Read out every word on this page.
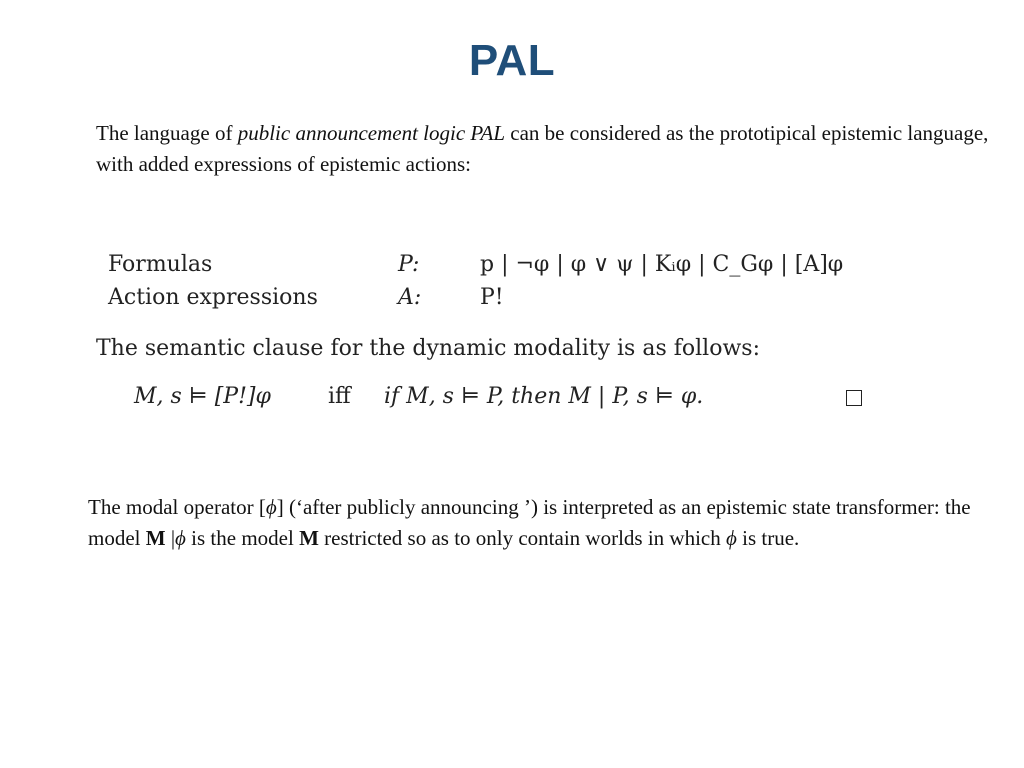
PAL

The language of public announcement logic PAL can be considered as the prototipical epistemic language, with added expressions of epistemic actions:

Formulas	P:	p | ¬φ | φ ∨ ψ | Kᵢφ | C_Gφ | [A]φ
Action expressions	A:	P!

The semantic clause for the dynamic modality is as follows:

M, s ⊨ [P!]φ	iff if M, s ⊨ P, then M | P, s ⊨ φ.

The modal operator [ϕ] (‘after publicly announcing ’) is interpreted as an epistemic state transformer: the model M |ϕ is the model M restricted so as to only contain worlds in which ϕ is true.
